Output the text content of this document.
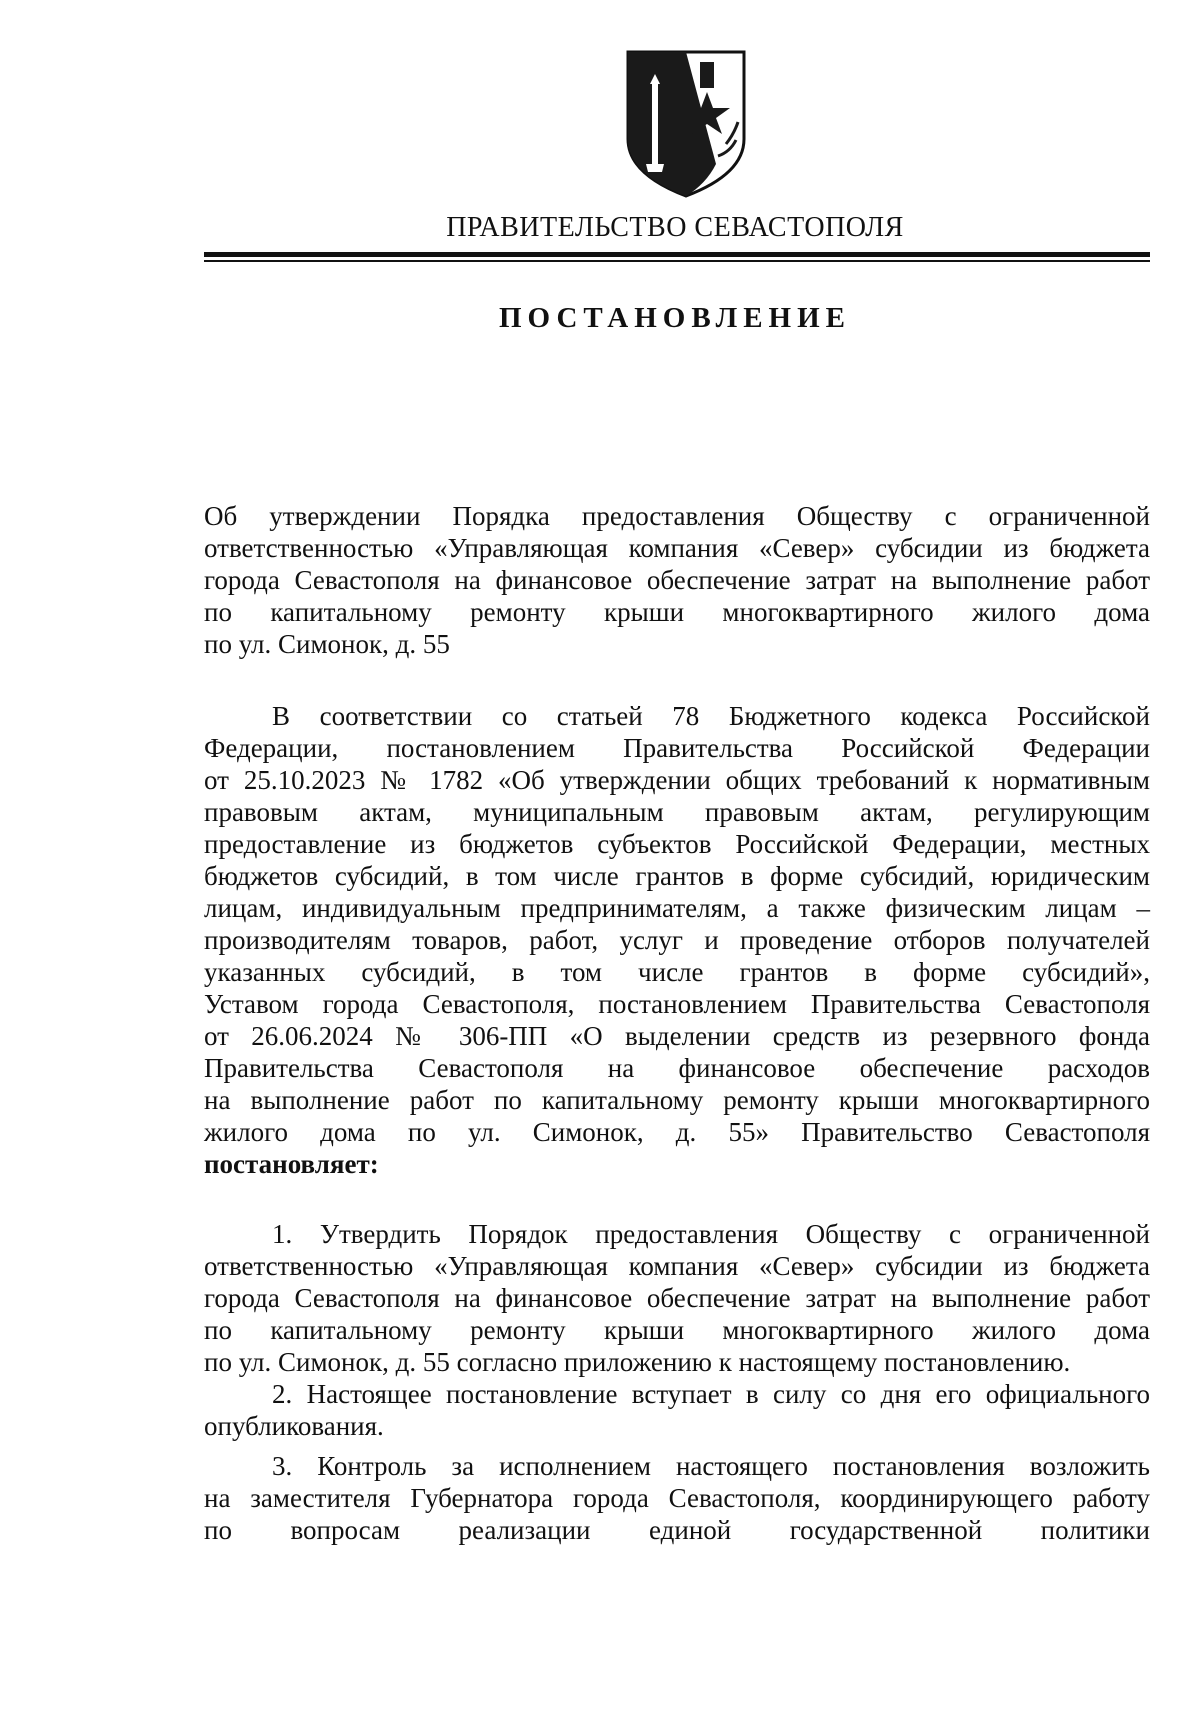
ПРАВИТЕЛЬСТВО СЕВАСТОПОЛЯ
ПОСТАНОВЛЕНИЕ

Об утверждении Порядка предоставления Обществу с ограниченной

ответственностью «Управляющая компания «Север» субсидии из бюджета

города Севастополя на финансовое обеспечение затрат на выполнение работ

по капитальному ремонту крыши многоквартирного жилого дома

по ул. Симонок, д. 55

В соответствии со статьей 78 Бюджетного кодекса Российской

Федерации, постановлением Правительства Российской Федерации

от 25.10.2023 № 1782 «Об утверждении общих требований к нормативным

правовым актам, муниципальным правовым актам, регулирующим

предоставление из бюджетов субъектов Российской Федерации, местных

бюджетов субсидий, в том числе грантов в форме субсидий, юридическим

лицам, индивидуальным предпринимателям, а также физическим лицам –

производителям товаров, работ, услуг и проведение отборов получателей

указанных субсидий, в том числе грантов в форме субсидий»,

Уставом города Севастополя, постановлением Правительства Севастополя

от 26.06.2024 № 306-ПП «О выделении средств из резервного фонда

Правительства Севастополя на финансовое обеспечение расходов

на выполнение работ по капитальному ремонту крыши многоквартирного

жилого дома по ул. Симонок, д. 55» Правительство Севастополя

постановляет:

1. Утвердить Порядок предоставления Обществу с ограниченной

ответственностью «Управляющая компания «Север» субсидии из бюджета

города Севастополя на финансовое обеспечение затрат на выполнение работ

по капитальному ремонту крыши многоквартирного жилого дома

по ул. Симонок, д. 55 согласно приложению к настоящему постановлению.

2. Настоящее постановление вступает в силу со дня его официального

опубликования.

3. Контроль за исполнением настоящего постановления возложить

на заместителя Губернатора города Севастополя, координирующего работу

по вопросам реализации единой государственной политики
